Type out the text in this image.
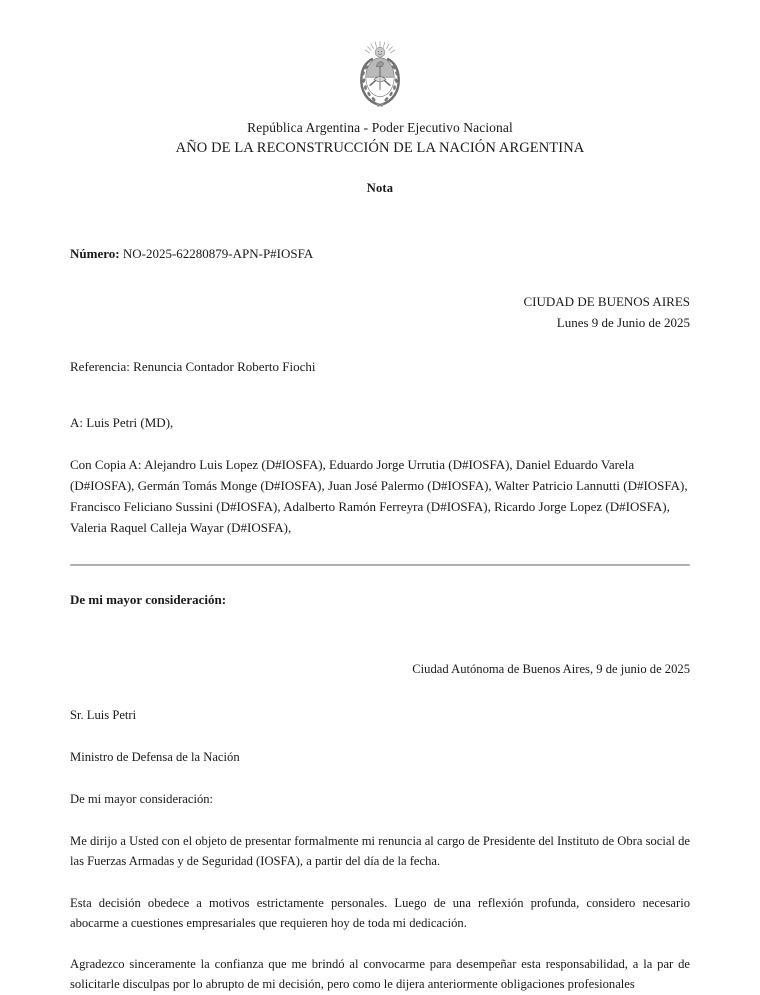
República Argentina - Poder Ejecutivo Nacional
AÑO DE LA RECONSTRUCCIÓN DE LA NACIÓN ARGENTINA
Nota
Número: NO-2025-62280879-APN-P#IOSFA
CIUDAD DE BUENOS AIRES
Lunes 9 de Junio de 2025
Referencia: Renuncia Contador Roberto Fiochi
A: Luis Petri (MD),
Con Copia A: Alejandro Luis Lopez (D#IOSFA), Eduardo Jorge Urrutia (D#IOSFA), Daniel Eduardo Varela (D#IOSFA), Germán Tomás Monge (D#IOSFA), Juan José Palermo (D#IOSFA), Walter Patricio Lannutti (D#IOSFA), Francisco Feliciano Sussini (D#IOSFA), Adalberto Ramón Ferreyra (D#IOSFA), Ricardo Jorge Lopez (D#IOSFA), Valeria Raquel Calleja Wayar (D#IOSFA),
De mi mayor consideración:
Ciudad Autónoma de Buenos Aires, 9 de junio de 2025
Sr. Luis Petri
Ministro de Defensa de la Nación
De mi mayor consideración:

Me dirijo a Usted con el objeto de presentar formalmente mi renuncia al cargo de Presidente del Instituto de Obra social de las Fuerzas Armadas y de Seguridad (IOSFA), a partir del día de la fecha.

Esta decisión obedece a motivos estrictamente personales. Luego de una reflexión profunda, considero necesario abocarme a cuestiones empresariales que requieren hoy de toda mi dedicación.

Agradezco sinceramente la confianza que me brindó al convocarme para desempeñar esta responsabilidad, a la par de solicitarle disculpas por lo abrupto de mi decisión, pero como le dijera anteriormente obligaciones profesionales
